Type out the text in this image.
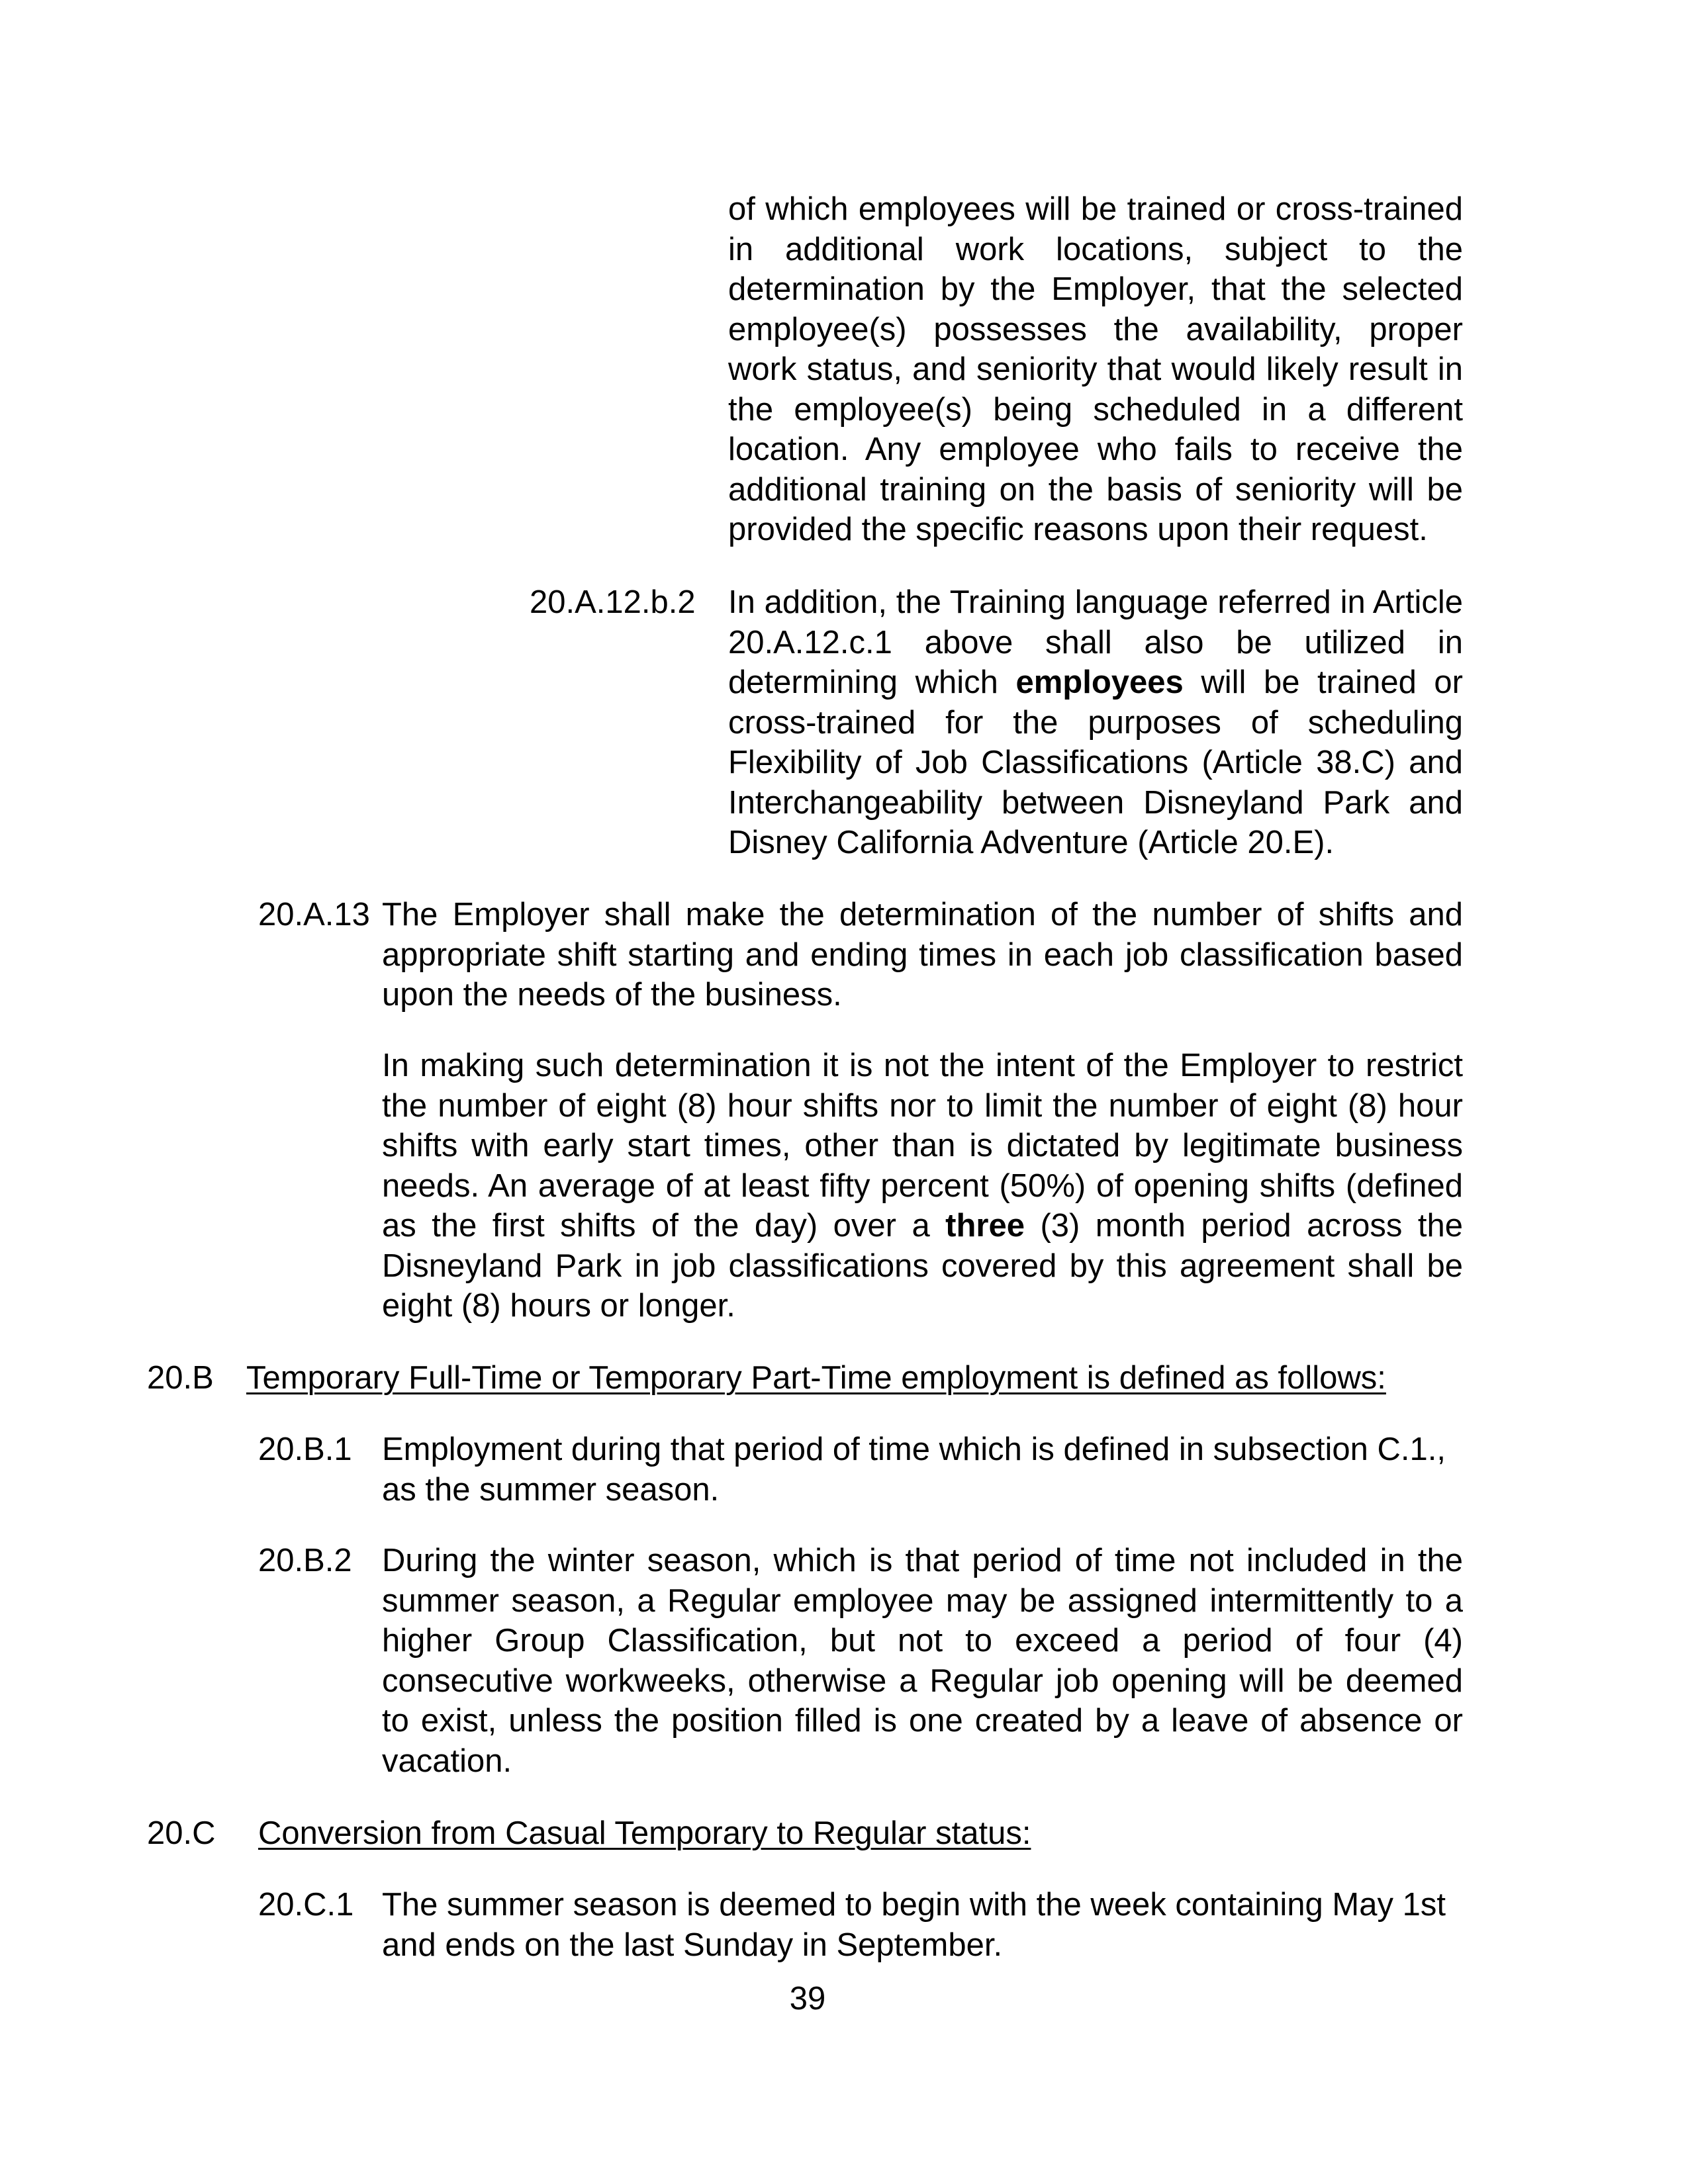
of which employees will be trained or cross-trained in additional work locations, subject to the determination by the Employer, that the selected employee(s) possesses the availability, proper work status, and seniority that would likely result in the employee(s) being scheduled in a different location. Any employee who fails to receive the additional training on the basis of seniority will be provided the specific reasons upon their request.
20.A.12.b.2 In addition, the Training language referred in Article 20.A.12.c.1 above shall also be utilized in determining which employees will be trained or cross-trained for the purposes of scheduling Flexibility of Job Classifications (Article 38.C) and Interchangeability between Disneyland Park and Disney California Adventure (Article 20.E).
20.A.13 The Employer shall make the determination of the number of shifts and appropriate shift starting and ending times in each job classification based upon the needs of the business.
In making such determination it is not the intent of the Employer to restrict the number of eight (8) hour shifts nor to limit the number of eight (8) hour shifts with early start times, other than is dictated by legitimate business needs. An average of at least fifty percent (50%) of opening shifts (defined as the first shifts of the day) over a three (3) month period across the Disneyland Park in job classifications covered by this agreement shall be eight (8) hours or longer.
20.B Temporary Full-Time or Temporary Part-Time employment is defined as follows:
20.B.1 Employment during that period of time which is defined in subsection C.1., as the summer season.
20.B.2 During the winter season, which is that period of time not included in the summer season, a Regular employee may be assigned intermittently to a higher Group Classification, but not to exceed a period of four (4) consecutive workweeks, otherwise a Regular job opening will be deemed to exist, unless the position filled is one created by a leave of absence or vacation.
20.C Conversion from Casual Temporary to Regular status:
20.C.1 The summer season is deemed to begin with the week containing May 1st and ends on the last Sunday in September.
39
